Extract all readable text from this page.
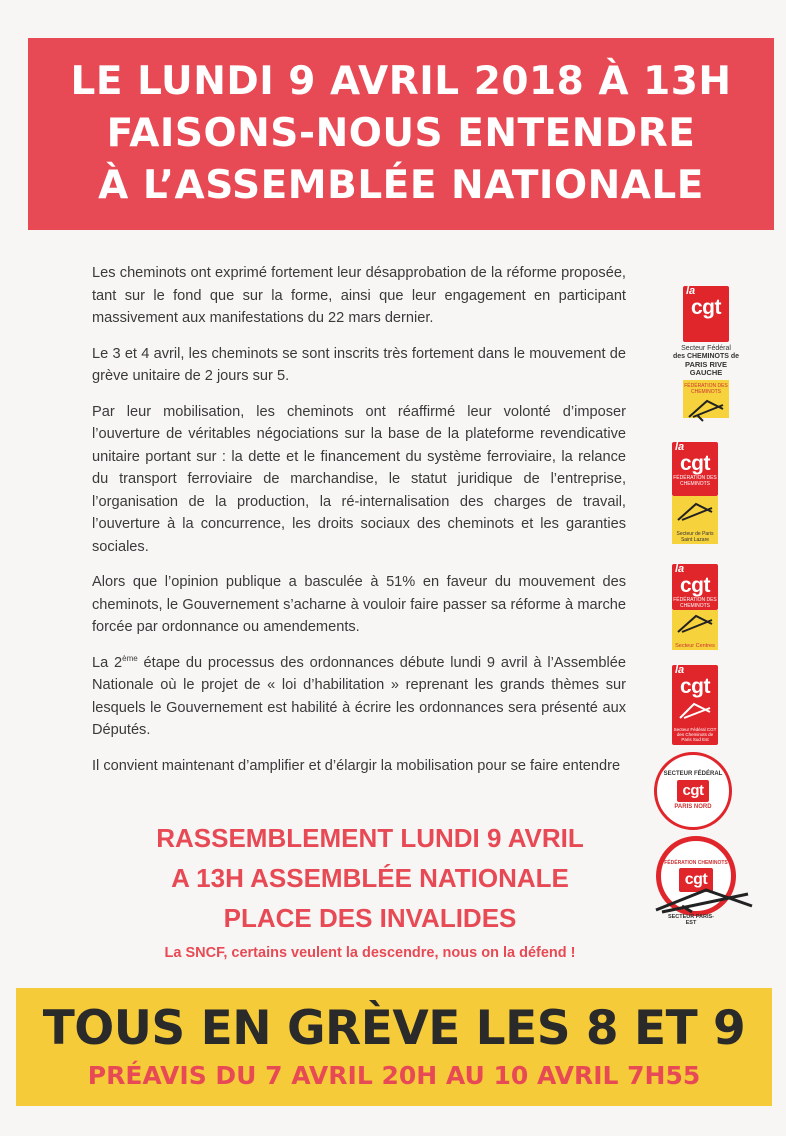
LE LUNDI 9 AVRIL 2018 À 13H
FAISONS-NOUS ENTENDRE
À L’ASSEMBLÉE NATIONALE

Les cheminots ont exprimé fortement leur désapprobation de la réforme proposée, tant sur le fond que sur la forme, ainsi que leur engagement en participant massivement aux manifestations du 22 mars dernier.

Le 3 et 4 avril, les cheminots se sont inscrits très fortement dans le mouvement de grève unitaire de 2 jours sur 5.

Par leur mobilisation, les cheminots ont réaffirmé leur volonté d’imposer l’ouverture de véritables négociations sur la base de la plateforme revendicative unitaire portant sur : la dette et le financement du système ferroviaire, la relance du transport ferroviaire de marchandise, le statut juridique de l’entreprise, l’organisation de la production, la ré-internalisation des charges de travail, l’ouverture à la concurrence, les droits sociaux des cheminots et les garanties sociales.

Alors que l’opinion publique a basculée à 51% en faveur du mouvement des cheminots, le Gouvernement s’acharne à vouloir faire passer sa réforme à marche forcée par ordonnance ou amendements.

La 2ème étape du processus des ordonnances débute lundi 9 avril à l’Assemblée Nationale où le projet de « loi d’habilitation » reprenant les grands thèmes sur lesquels le Gouvernement est habilité à écrire les ordonnances sera présenté aux Députés.

Il convient maintenant d’amplifier et d’élargir la mobilisation pour se faire entendre

RASSEMBLEMENT LUNDI 9 AVRIL
A 13H ASSEMBLÉE NATIONALE
PLACE DES INVALIDES
La SNCF, certains veulent la descendre, nous on la défend !
la
cgt
Secteur Fédéral
des CHEMINOTS de
PARIS RIVE GAUCHE
FÉDÉRATION DES CHEMINOTS
la
cgt
FÉDÉRATION DES CHEMINOTS
Secteur de Paris Saint Lazare
la
cgt
FÉDÉRATION DES CHEMINOTS
Secteur Centres
la
cgt
Secteur Fédéral CGT des Cheminots de Paris Sud Est
SECTEUR FÉDÉRAL
cgt
PARIS NORD
FÉDÉRATION CHEMINOTS
cgt
SECTEUR PARIS-EST
TOUS EN GRÈVE LES 8 ET 9
PRÉAVIS DU 7 AVRIL 20H AU 10 AVRIL 7H55
